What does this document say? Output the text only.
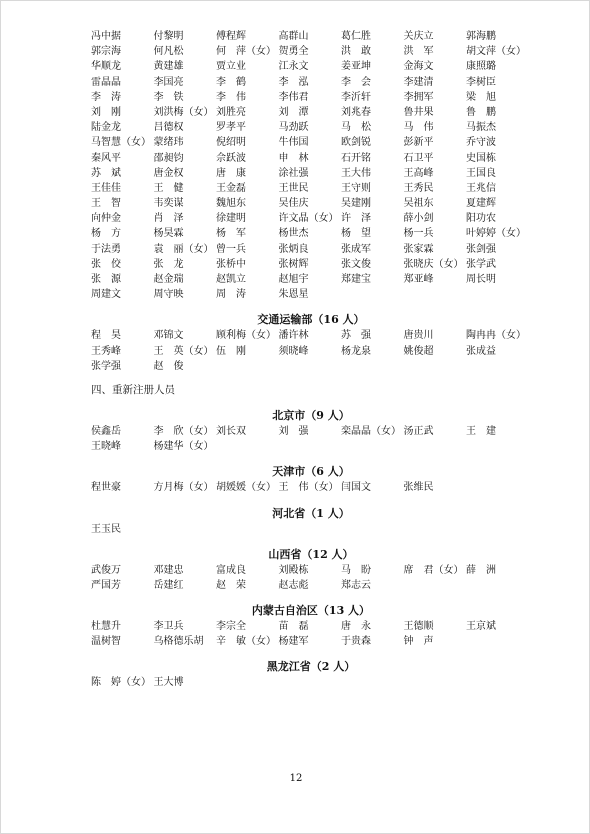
冯中据	付黎明	傅程辉	高群山	葛仁胜	关庆立	郭海鹏
郭宗海	何凡松	何　萍（女） 贺勇全	洪　敢	洪　军	胡文萍（女）
华顺龙	黄建雄	贾立业	江永文	姜亚坤	金海文	康照璐
雷晶晶	李国亮	李　鹤	李　泓	李　会	李建清	李树臣
李　涛	李　铁	李　伟	李伟君	李沂轩	李拥军	梁　旭
刘　刚	刘洪梅（女） 刘胜亮	刘　潭	刘兆春	鲁井果	鲁　鹏
陆金龙	吕德权	罗孝平	马劲跃	马　松	马　伟	马振杰
马智慧（女） 蒙绪玮	倪绍明	牛伟国	欧剑锐	彭新平	乔守波
秦风平	邵昶钧	佘跃波	申　林	石开铭	石卫平	史国栋
苏　斌	唐金权	唐　康	涂社强	王大伟	王高峰	王国良
王佳佳	王　健	王金磊	王世民	王守则	王秀民	王兆信
王　智	韦奕谋	魏旭东	吴佳庆	吴建刚	吴祖东	夏建辉
向仲金	肖　泽	徐建明	许文晶（女） 许　泽	薛小剑	阳功农
杨　方	杨昊霖	杨　军	杨世杰	杨　望	杨一兵	叶婷婷（女）
于法勇	袁　丽（女） 曾一兵	张炳良	张成军	张家霖	张剑强
张　佼	张　龙	张桥中	张树辉	张文俊	张晓庆（女） 张学武
张　源	赵金瑞	赵凯立	赵旭宇	郑建宝	郑亚峰	周长明
周建文	周守映	周　涛	朱恩星
交通运输部（16 人）
程　昊	邓锦文	顾利梅（女） 潘许林	苏　强	唐贵川	陶冉冉（女）
王秀峰	王　英（女） 伍　刚	须晓峰	杨龙泉	姚俊超	张成益
张学强	赵　俊
四、重新注册人员
北京市（9 人）
侯鑫岳	李　欣（女） 刘长双	刘　强	栾晶晶（女） 汤正武	王　建
王晓峰	杨建华（女）
天津市（6 人）
程世豪	方月梅（女） 胡媛媛（女） 王　伟（女） 闫国文	张维民
河北省（1 人）
王玉民
山西省（12 人）
武俊万	邓建忠	富成良	刘殿栋	马　盼	席　君（女） 薛　洲
严国芳	岳建红	赵　荣	赵志彪	郑志云
内蒙古自治区（13 人）
杜慧升	李卫兵	李宗全	苗　磊	唐　永	王德顺	王京斌
温树智	乌格德乐胡	辛　敏（女） 杨建军	于贵森	钟　声
黑龙江省（2 人）
陈　婷（女） 王大博
12
